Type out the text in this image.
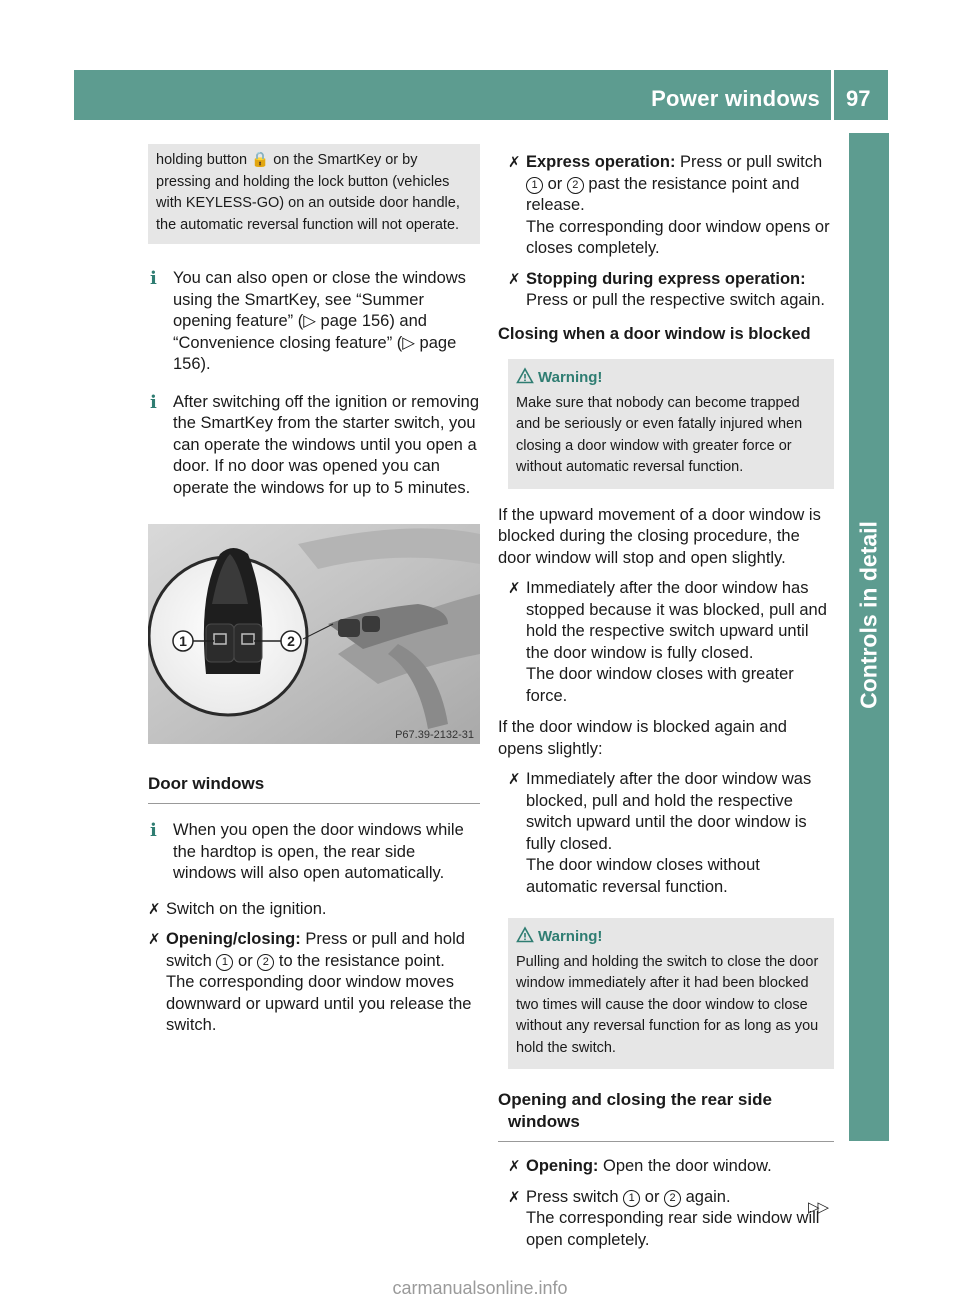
Power windows 97
Controls in detail

holding button 🔒 on the SmartKey or by pressing and holding the lock button (vehicles with KEYLESS-GO) on an outside door handle, the automatic reversal function will not operate.

i You can also open or close the windows using the SmartKey, see “Summer opening feature” (▷ page 156) and “Convenience closing feature” (▷ page 156).

i After switching off the ignition or removing the SmartKey from the starter switch, you can operate the windows until you open a door. If no door was opened you can operate the windows for up to 5 minutes.

1	2
P67.39-2132-31
Door windows
i When you open the door windows while the hardtop is open, the rear side windows will also open automatically.

✗ Switch on the ignition.

✗ Opening/closing: Press or pull and hold switch 1 or 2 to the resistance point.

The corresponding door window moves downward or upward until you release the switch.

✗ Express operation: Press or pull switch 1 or 2 past the resistance point and release.

The corresponding door window opens or closes completely.

✗ Stopping during express operation:

Press or pull the respective switch again.

Closing when a door window is blocked

Warning!

Make sure that nobody can become trapped and be seriously or even fatally injured when closing a door window with greater force or without automatic reversal function.

If the upward movement of a door window is blocked during the closing procedure, the door window will stop and open slightly.

✗ Immediately after the door window has stopped because it was blocked, pull and hold the respective switch upward until the door window is fully closed.

The door window closes with greater force.

If the door window is blocked again and opens slightly:

✗ Immediately after the door window was blocked, pull and hold the respective switch upward until the door window is fully closed.

The door window closes without automatic reversal function.

Warning!

Pulling and holding the switch to close the door window immediately after it had been blocked two times will cause the door window to close without any reversal function for as long as you hold the switch.

Opening and closing the rear side windows
✗ Opening: Open the door window.

✗ Press switch 1 or 2 again.

The corresponding rear side window will open completely.

▷▷
carmanualsonline.info
